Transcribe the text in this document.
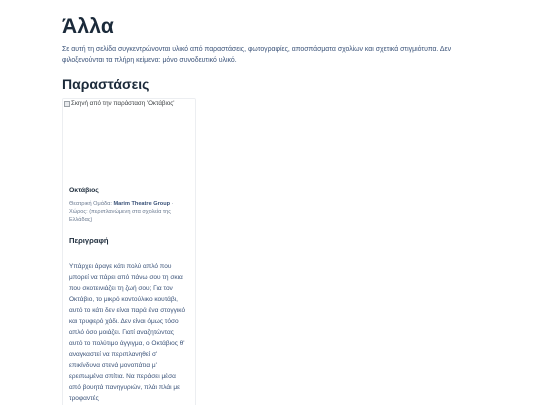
Άλλα

Σε αυτή τη σελίδα συγκεντρώνονται υλικό από παραστάσεις, φωτογραφίες, αποσπάσματα σχολίων και σχετικά στιγμιότυπα. Δεν φιλοξενούνται τα πλήρη κείμενα: μόνο συνοδευτικό υλικό.

Παραστάσεις
Σκηνή από την παράσταση 'Οκτάβιος'
Οκτάβιος

Θεατρική Ομάδα: Marim Theatre Group · Χώρος: (περιπλανώμενη στα σχολεία της Ελλάδας)

Περιγραφή

Υπάρχει άραγε κάτι πολύ απλό που μπορεί να πάρει από πάνω σου τη σκια που σκοτεινιάζει τη ζωή σου; Για τον Οκτάβιο, το μικρό κοντούλικο κουτάβι, αυτό το κάτι δεν είναι παρά ένα στογγικό και τρυφερό χάδι. Δεν είναι όμως τόσο απλό όσο μοιάζει. Γιατί αναζητώντας αυτό το πολύτιμο άγγιγμα, ο Οκτάβιος θ' αναγκαστεί να περιπλανηθεί σ' επικίνδυνα στενά μονοπάτια μ' ερειπωμένα σπίτια. Να περάσει μέσα από βουητά πανηγυριών, πλάι πλάι με τροφαντές
